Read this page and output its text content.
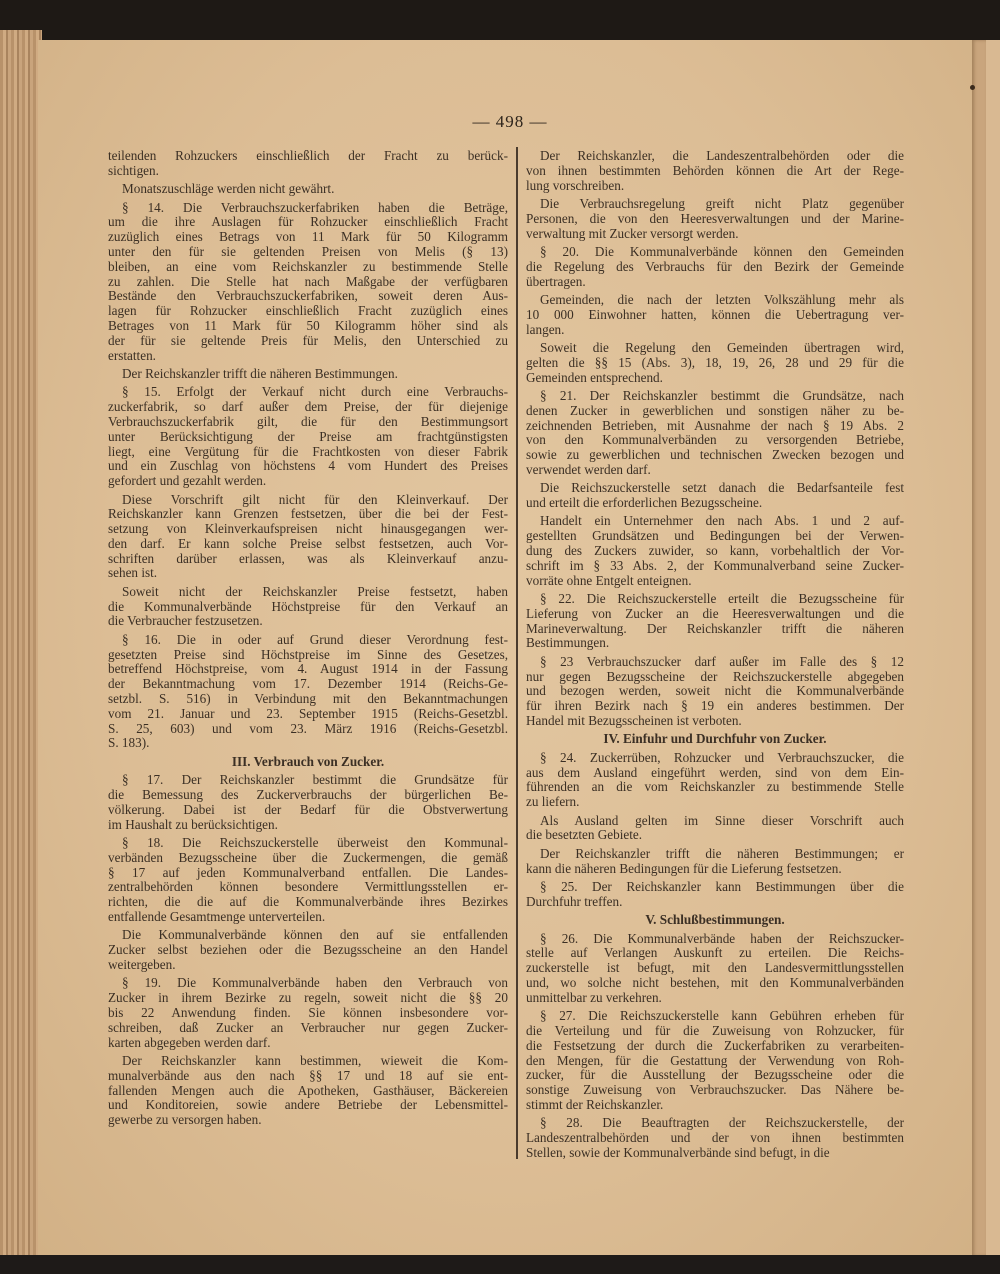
— 498 —
teilenden Rohzuckers einschließlich der Fracht zu berück-
sichtigen.
Monatszuschläge werden nicht gewährt.
§ 14. Die Verbrauchszuckerfabriken haben die Beträge,
um die ihre Auslagen für Rohzucker einschließlich Fracht
zuzüglich eines Betrags von 11 Mark für 50 Kilogramm
unter den für sie geltenden Preisen von Melis (§ 13)
bleiben, an eine vom Reichskanzler zu bestimmende Stelle
zu zahlen. Die Stelle hat nach Maßgabe der verfügbaren
Bestände den Verbrauchszuckerfabriken, soweit deren Aus-
lagen für Rohzucker einschließlich Fracht zuzüglich eines
Betrages von 11 Mark für 50 Kilogramm höher sind als
der für sie geltende Preis für Melis, den Unterschied zu
erstatten.
Der Reichskanzler trifft die näheren Bestimmungen.
§ 15. Erfolgt der Verkauf nicht durch eine Verbrauchs-
zuckerfabrik, so darf außer dem Preise, der für diejenige
Verbrauchszuckerfabrik gilt, die für den Bestimmungsort
unter Berücksichtigung der Preise am frachtgünstigsten
liegt, eine Vergütung für die Frachtkosten von dieser Fabrik
und ein Zuschlag von höchstens 4 vom Hundert des Preises
gefordert und gezahlt werden.
Diese Vorschrift gilt nicht für den Kleinverkauf. Der
Reichskanzler kann Grenzen festsetzen, über die bei der Fest-
setzung von Kleinverkaufspreisen nicht hinausgegangen wer-
den darf. Er kann solche Preise selbst festsetzen, auch Vor-
schriften darüber erlassen, was als Kleinverkauf anzu-
sehen ist.
Soweit nicht der Reichskanzler Preise festsetzt, haben
die Kommunalverbände Höchstpreise für den Verkauf an
die Verbraucher festzusetzen.
§ 16. Die in oder auf Grund dieser Verordnung fest-
gesetzten Preise sind Höchstpreise im Sinne des Gesetzes,
betreffend Höchstpreise, vom 4. August 1914 in der Fassung
der Bekanntmachung vom 17. Dezember 1914 (Reichs-Ge-
setzbl. S. 516) in Verbindung mit den Bekanntmachungen
vom 21. Januar und 23. September 1915 (Reichs-Gesetzbl.
S. 25, 603) und vom 23. März 1916 (Reichs-Gesetzbl.
S. 183).
III. Verbrauch von Zucker.
§ 17. Der Reichskanzler bestimmt die Grundsätze für
die Bemessung des Zuckerverbrauchs der bürgerlichen Be-
völkerung. Dabei ist der Bedarf für die Obstverwertung
im Haushalt zu berücksichtigen.
§ 18. Die Reichszuckerstelle überweist den Kommunal-
verbänden Bezugsscheine über die Zuckermengen, die gemäß
§ 17 auf jeden Kommunalverband entfallen. Die Landes-
zentralbehörden können besondere Vermittlungsstellen er-
richten, die die auf die Kommunalverbände ihres Bezirkes
entfallende Gesamtmenge unterverteilen.
Die Kommunalverbände können den auf sie entfallenden
Zucker selbst beziehen oder die Bezugsscheine an den Handel
weitergeben.
§ 19. Die Kommunalverbände haben den Verbrauch von
Zucker in ihrem Bezirke zu regeln, soweit nicht die §§ 20
bis 22 Anwendung finden. Sie können insbesondere vor-
schreiben, daß Zucker an Verbraucher nur gegen Zucker-
karten abgegeben werden darf.
Der Reichskanzler kann bestimmen, wieweit die Kom-
munalverbände aus den nach §§ 17 und 18 auf sie ent-
fallenden Mengen auch die Apotheken, Gasthäuser, Bäckereien
und Konditoreien, sowie andere Betriebe der Lebensmittel-
gewerbe zu versorgen haben.
Der Reichskanzler, die Landeszentralbehörden oder die
von ihnen bestimmten Behörden können die Art der Rege-
lung vorschreiben.
Die Verbrauchsregelung greift nicht Platz gegenüber
Personen, die von den Heeresverwaltungen und der Marine-
verwaltung mit Zucker versorgt werden.
§ 20. Die Kommunalverbände können den Gemeinden
die Regelung des Verbrauchs für den Bezirk der Gemeinde
übertragen.
Gemeinden, die nach der letzten Volkszählung mehr als
10 000 Einwohner hatten, können die Uebertragung ver-
langen.
Soweit die Regelung den Gemeinden übertragen wird,
gelten die §§ 15 (Abs. 3), 18, 19, 26, 28 und 29 für die
Gemeinden entsprechend.
§ 21. Der Reichskanzler bestimmt die Grundsätze, nach
denen Zucker in gewerblichen und sonstigen näher zu be-
zeichnenden Betrieben, mit Ausnahme der nach § 19 Abs. 2
von den Kommunalverbänden zu versorgenden Betriebe,
sowie zu gewerblichen und technischen Zwecken bezogen und
verwendet werden darf.
Die Reichszuckerstelle setzt danach die Bedarfsanteile fest
und erteilt die erforderlichen Bezugsscheine.
Handelt ein Unternehmer den nach Abs. 1 und 2 auf-
gestellten Grundsätzen und Bedingungen bei der Verwen-
dung des Zuckers zuwider, so kann, vorbehaltlich der Vor-
schrift im § 33 Abs. 2, der Kommunalverband seine Zucker-
vorräte ohne Entgelt enteignen.
§ 22. Die Reichszuckerstelle erteilt die Bezugsscheine für
Lieferung von Zucker an die Heeresverwaltungen und die
Marineverwaltung. Der Reichskanzler trifft die näheren
Bestimmungen.
§ 23 Verbrauchszucker darf außer im Falle des § 12
nur gegen Bezugsscheine der Reichszuckerstelle abgegeben
und bezogen werden, soweit nicht die Kommunalverbände
für ihren Bezirk nach § 19 ein anderes bestimmen. Der
Handel mit Bezugsscheinen ist verboten.
IV. Einfuhr und Durchfuhr von Zucker.
§ 24. Zuckerrüben, Rohzucker und Verbrauchszucker, die
aus dem Ausland eingeführt werden, sind von dem Ein-
führenden an die vom Reichskanzler zu bestimmende Stelle
zu liefern.
Als Ausland gelten im Sinne dieser Vorschrift auch
die besetzten Gebiete.
Der Reichskanzler trifft die näheren Bestimmungen; er
kann die näheren Bedingungen für die Lieferung festsetzen.
§ 25. Der Reichskanzler kann Bestimmungen über die
Durchfuhr treffen.
V. Schlußbestimmungen.
§ 26. Die Kommunalverbände haben der Reichszucker-
stelle auf Verlangen Auskunft zu erteilen. Die Reichs-
zuckerstelle ist befugt, mit den Landesvermittlungsstellen
und, wo solche nicht bestehen, mit den Kommunalverbänden
unmittelbar zu verkehren.
§ 27. Die Reichszuckerstelle kann Gebühren erheben für
die Verteilung und für die Zuweisung von Rohzucker, für
die Festsetzung der durch die Zuckerfabriken zu verarbeiten-
den Mengen, für die Gestattung der Verwendung von Roh-
zucker, für die Ausstellung der Bezugsscheine oder die
sonstige Zuweisung von Verbrauchszucker. Das Nähere be-
stimmt der Reichskanzler.
§ 28. Die Beauftragten der Reichszuckerstelle, der
Landeszentralbehörden und der von ihnen bestimmten
Stellen, sowie der Kommunalverbände sind befugt, in die
